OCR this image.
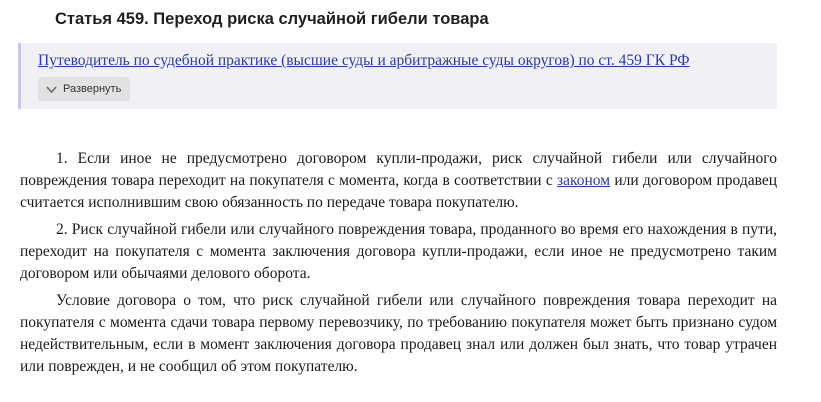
Статья 459. Переход риска случайной гибели товара
Путеводитель по судебной практике (высшие суды и арбитражные суды округов) по ст. 459 ГК РФ
Развернуть

1. Если иное не предусмотрено договором купли-продажи, риск случайной гибели или случайного повреждения товара переходит на покупателя с момента, когда в соответствии с законом или договором продавец считается исполнившим свою обязанность по передаче товара покупателю.

2. Риск случайной гибели или случайного повреждения товара, проданного во время его нахождения в пути, переходит на покупателя с момента заключения договора купли-продажи, если иное не предусмотрено таким договором или обычаями делового оборота.

Условие договора о том, что риск случайной гибели или случайного повреждения товара переходит на покупателя с момента сдачи товара первому перевозчику, по требованию покупателя может быть признано судом недействительным, если в момент заключения договора продавец знал или должен был знать, что товар утрачен или поврежден, и не сообщил об этом покупателю.
